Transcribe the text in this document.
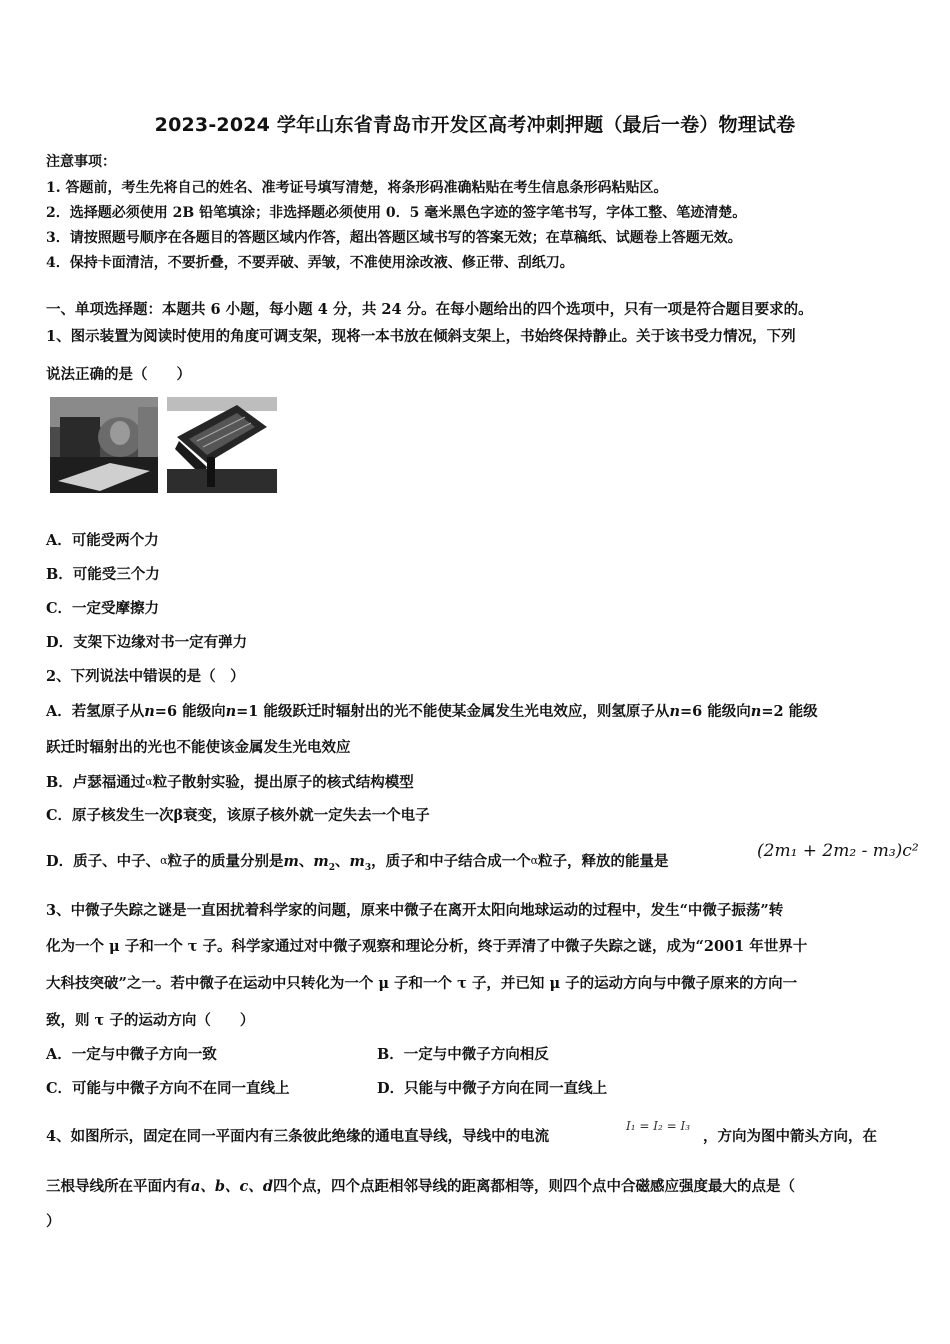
2023-2024 学年山东省青岛市开发区高考冲刺押题（最后一卷）物理试卷
注意事项：
1. 答题前，考生先将自己的姓名、准考证号填写清楚，将条形码准确粘贴在考生信息条形码粘贴区。
2．选择题必须使用 2B 铅笔填涂；非选择题必须使用 0．5 毫米黑色字迹的签字笔书写，字体工整、笔迹清楚。
3．请按照题号顺序在各题目的答题区域内作答，超出答题区域书写的答案无效；在草稿纸、试题卷上答题无效。
4．保持卡面清洁，不要折叠，不要弄破、弄皱，不准使用涂改液、修正带、刮纸刀。
一、单项选择题：本题共 6 小题，每小题 4 分，共 24 分。在每小题给出的四个选项中，只有一项是符合题目要求的。
1、图示装置为阅读时使用的角度可调支架，现将一本书放在倾斜支架上，书始终保持静止。关于该书受力情况，下列
说法正确的是（　　）
A．可能受两个力
B．可能受三个力
C．一定受摩擦力
D．支架下边缘对书一定有弹力
2、下列说法中错误的是（　）
A．若氢原子从n=6 能级向n=1 能级跃迁时辐射出的光不能使某金属发生光电效应，则氢原子从n=6 能级向n=2 能级
跃迁时辐射出的光也不能使该金属发生光电效应
B．卢瑟福通过α粒子散射实验，提出原子的核式结构模型
C．原子核发生一次β衰变，该原子核外就一定失去一个电子
D．质子、中子、α粒子的质量分别是m、$m_2$、$m_3$，质子和中子结合成一个α粒子，释放的能量是
(2m₁ + 2m₂ - m₃)c²
3、中微子失踪之谜是一直困扰着科学家的问题，原来中微子在离开太阳向地球运动的过程中，发生“中微子振荡”转
化为一个 μ 子和一个 τ 子。科学家通过对中微子观察和理论分析，终于弄清了中微子失踪之谜，成为“2001 年世界十
大科技突破”之一。若中微子在运动中只转化为一个 μ 子和一个 τ 子，并已知 μ 子的运动方向与中微子原来的方向一
致，则 τ 子的运动方向（　　）
A．一定与中微子方向一致	B．一定与中微子方向相反
C．可能与中微子方向不在同一直线上	D．只能与中微子方向在同一直线上
4、如图所示，固定在同一平面内有三条彼此绝缘的通电直导线，导线中的电流
I₁ = I₂ = I₃
，方向为图中箭头方向，在
三根导线所在平面内有a、b、c、d四个点，四个点距相邻导线的距离都相等，则四个点中合磁感应强度最大的点是（
）
